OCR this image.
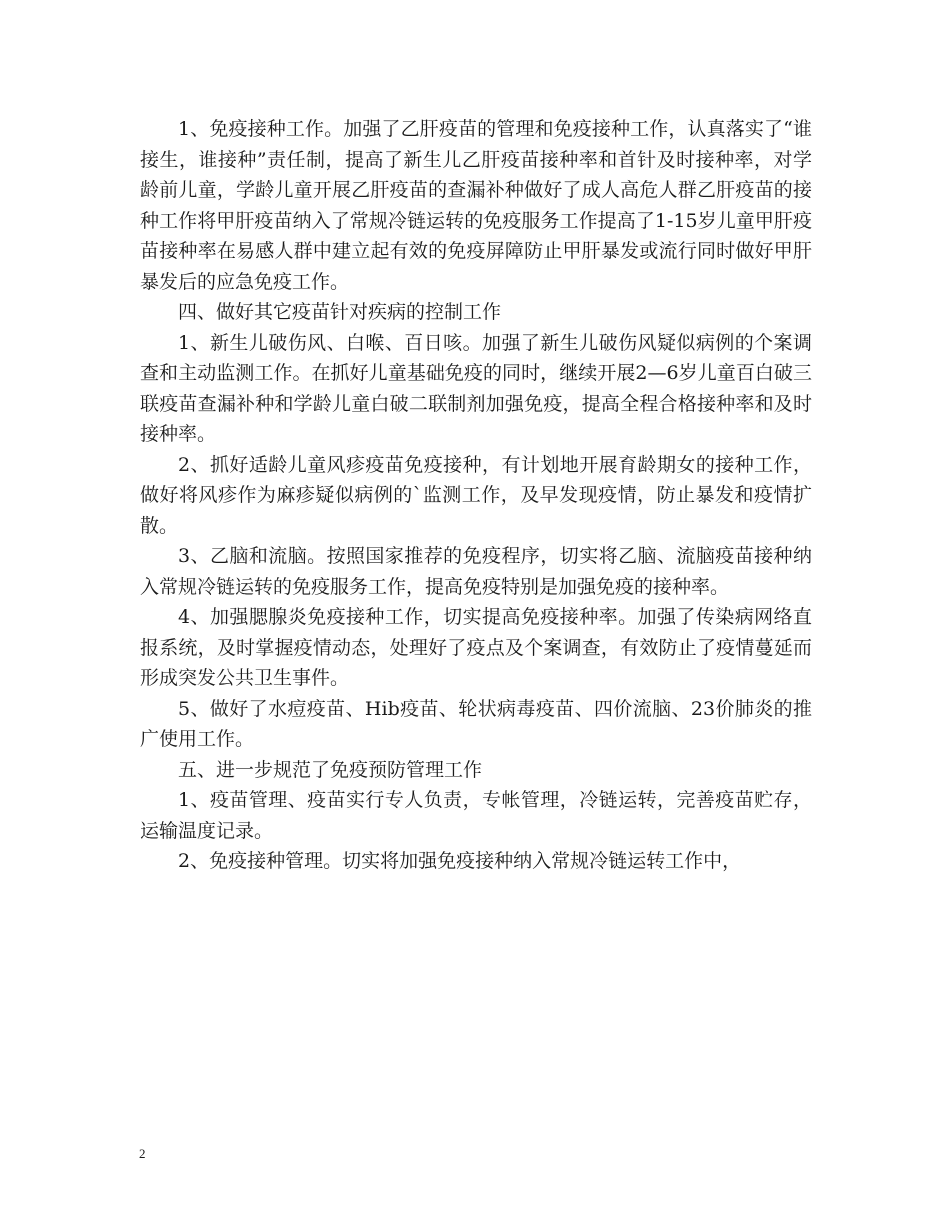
1、免疫接种工作。加强了乙肝疫苗的管理和免疫接种工作，认真落实了“谁接生，谁接种”责任制，提高了新生儿乙肝疫苗接种率和首针及时接种率，对学龄前儿童，学龄儿童开展乙肝疫苗的查漏补种做好了成人高危人群乙肝疫苗的接种工作将甲肝疫苗纳入了常规冷链运转的免疫服务工作提高了1-15岁儿童甲肝疫苗接种率在易感人群中建立起有效的免疫屏障防止甲肝暴发或流行同时做好甲肝暴发后的应急免疫工作。

四、做好其它疫苗针对疾病的控制工作

1、新生儿破伤风、白喉、百日咳。加强了新生儿破伤风疑似病例的个案调查和主动监测工作。在抓好儿童基础免疫的同时，继续开展2—6岁儿童百白破三联疫苗查漏补种和学龄儿童白破二联制剂加强免疫，提高全程合格接种率和及时接种率。

2、抓好适龄儿童风疹疫苗免疫接种，有计划地开展育龄期女的接种工作，做好将风疹作为麻疹疑似病例的`监测工作，及早发现疫情，防止暴发和疫情扩散。

3、乙脑和流脑。按照国家推荐的免疫程序，切实将乙脑、流脑疫苗接种纳入常规冷链运转的免疫服务工作，提高免疫特别是加强免疫的接种率。

4、加强腮腺炎免疫接种工作，切实提高免疫接种率。加强了传染病网络直报系统，及时掌握疫情动态，处理好了疫点及个案调查，有效防止了疫情蔓延而形成突发公共卫生事件。

5、做好了水痘疫苗、Hib疫苗、轮状病毒疫苗、四价流脑、23价肺炎的推广使用工作。

五、进一步规范了免疫预防管理工作

1、疫苗管理、疫苗实行专人负责，专帐管理，冷链运转，完善疫苗贮存，运输温度记录。

2、免疫接种管理。切实将加强免疫接种纳入常规冷链运转工作中，

2
